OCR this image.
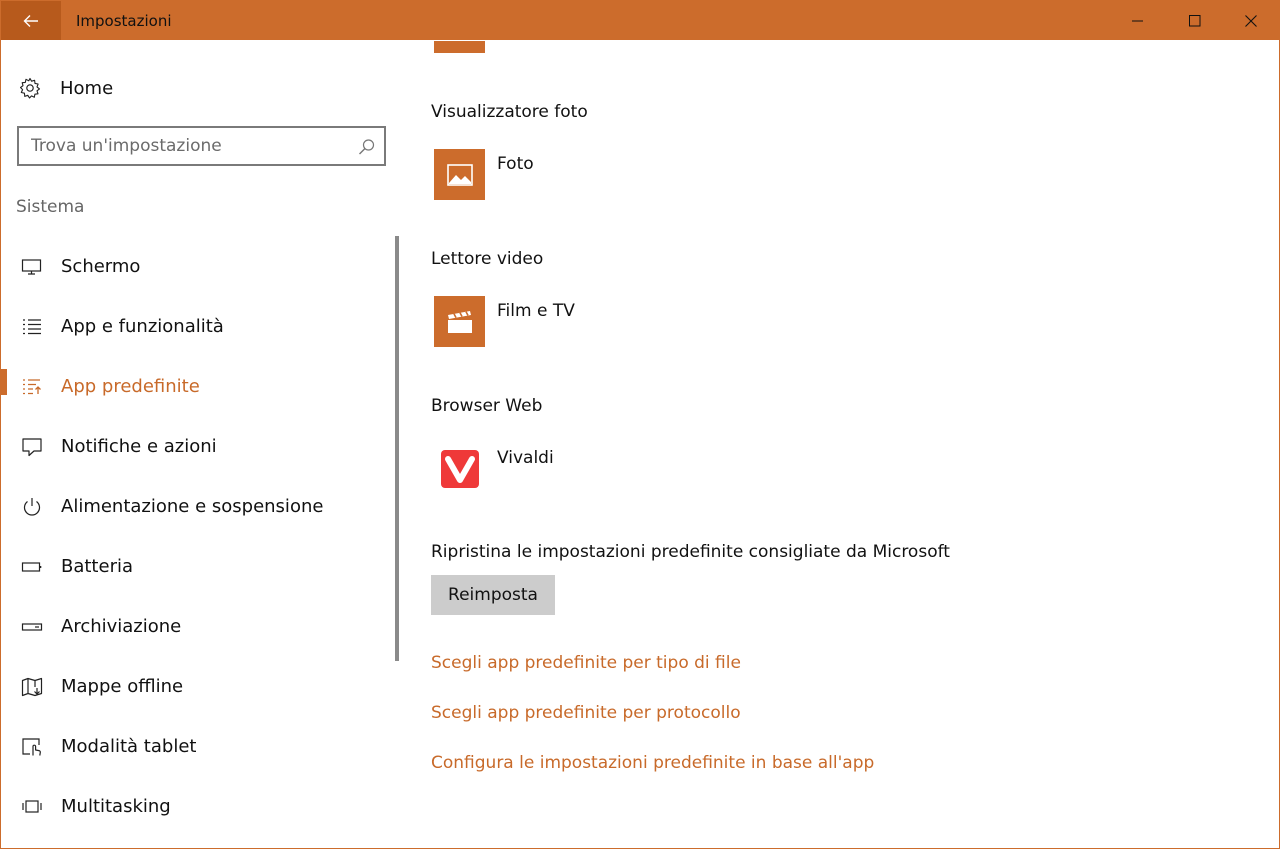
Impostazioni
Home
Trova un'impostazione
Sistema
Schermo
App e funzionalità
App predefinite
Notifiche e azioni
Alimentazione e sospensione
Batteria
Archiviazione
Mappe offline
Modalità tablet
Multitasking
Visualizzatore foto
Foto
Lettore video
Film e TV
Browser Web
Vivaldi
Ripristina le impostazioni predefinite consigliate da Microsoft
Reimposta
Scegli app predefinite per tipo di file
Scegli app predefinite per protocollo
Configura le impostazioni predefinite in base all'app
